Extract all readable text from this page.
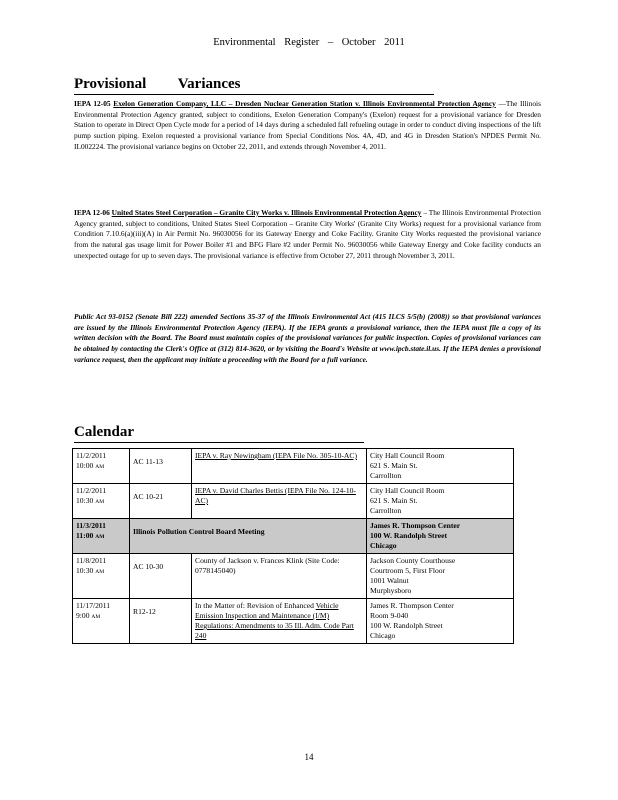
Environmental Register – October 2011
Provisional Variances
IEPA 12-05 Exelon Generation Company, LLC – Dresden Nuclear Generation Station v. Illinois Environmental Protection Agency —The Illinois Environmental Protection Agency granted, subject to conditions, Exelon Generation Company's (Exelon) request for a provisional variance for Dresden Station to operate in Direct Open Cycle mode for a period of 14 days during a scheduled fall refueling outage in order to conduct diving inspections of the lift pump suction piping. Exelon requested a provisional variance from Special Conditions Nos. 4A, 4D, and 4G in Dresden Station's NPDES Permit No. IL002224. The provisional variance begins on October 22, 2011, and extends through November 4, 2011.
IEPA 12-06 United States Steel Corporation – Granite City Works v. Illinois Environmental Protection Agency – The Illinois Environmental Protection Agency granted, subject to conditions, United States Steel Corporation – Granite City Works' (Granite City Works) request for a provisional variance from Condition 7.10.6(a)(iii)(A) in Air Permit No. 96030056 for its Gateway Energy and Coke Facility. Granite City Works requested the provisional variance from the natural gas usage limit for Power Boiler #1 and BFG Flare #2 under Permit No. 96030056 while Gateway Energy and Coke facility conducts an unexpected outage for up to seven days. The provisional variance is effective from October 27, 2011 through November 3, 2011.
Public Act 93-0152 (Senate Bill 222) amended Sections 35-37 of the Illinois Environmental Act (415 ILCS 5/5(b) (2008)) so that provisional variances are issued by the Illinois Environmental Protection Agency (IEPA). If the IEPA grants a provisional variance, then the IEPA must file a copy of its written decision with the Board. The Board must maintain copies of the provisional variances for public inspection. Copies of provisional variances can be obtained by contacting the Clerk's Office at (312) 814-3620, or by visiting the Board's Website at www.ipcb.state.il.us. If the IEPA denies a provisional variance request, then the applicant may initiate a proceeding with the Board for a full variance.
Calendar
11/2/2011
10:00 AM	AC 11-13	IEPA v. Ray Newingham (IEPA File No. 305-10-AC)	City Hall Council Room
621 S. Main St.
Carrollton

11/2/2011
10:30 AM	AC 10-21	IEPA v. David Charles Bettis (IEPA File No. 124-10-AC)	City Hall Council Room
621 S. Main St.
Carrollton

11/3/2011
11:00 AM	Illinois Pollution Control Board Meeting		James R. Thompson Center
100 W. Randolph Street
Chicago

11/8/2011
10:30 AM	AC 10-30	County of Jackson v. Frances Klink (Site Code: 0778145040)	Jackson County Courthouse
Courtroom 5, First Floor
1001 Walnut
Murphysboro

11/17/2011
9:00 AM	R12-12	In the Matter of: Revision of Enhanced Vehicle Emission Inspection and Maintenance (I/M) Regulations: Amendments to 35 Ill. Adm. Code Part 240	James R. Thompson Center
Room 9-040
100 W. Randolph Street
Chicago
14
